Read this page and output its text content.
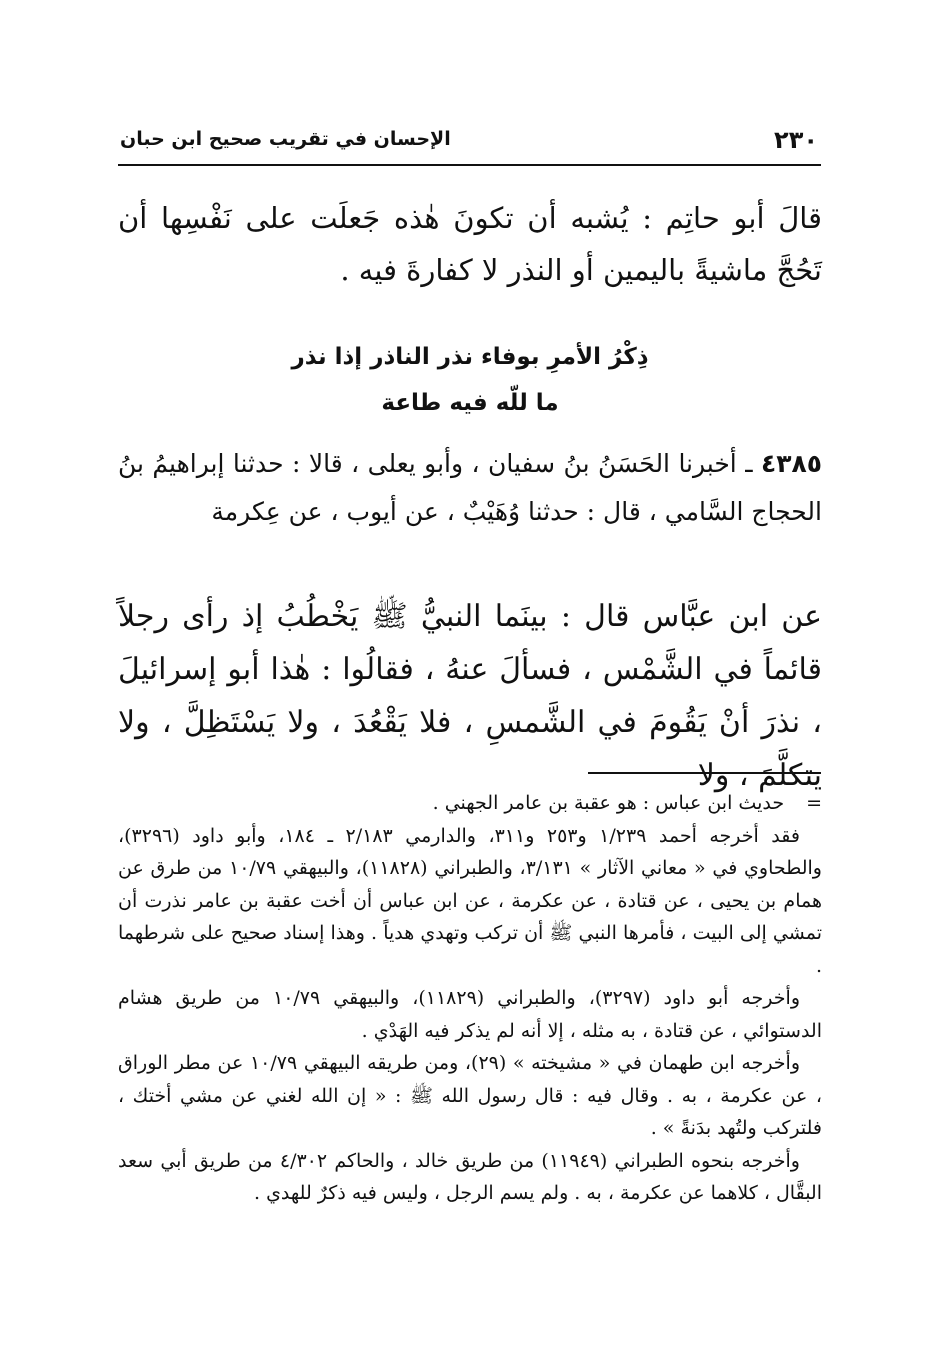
٢٣٠
الإحسان في تقريب صحيح ابن حبان
قالَ أبو حاتِم : يُشبه أن تكونَ هٰذه جَعلَت على نَفْسِها أن تَحُجَّ ماشيةً باليمين أو النذر لا كفارةَ فيه .
ذِكْرُ الأمرِ بوفاء نذر الناذر إذا نذر
ما للّه فيه طاعة
٤٣٨٥ ـ أخبرنا الحَسَنُ بنُ سفيان ، وأبو يعلى ، قالا : حدثنا إبراهيمُ بنُ الحجاج السَّامي ، قال : حدثنا وُهَيْبٌ ، عن أيوب ، عن عِكرمة
عن ابن عبَّاس قال : بينَما النبيُّ ﷺ يَخْطُبُ إذ رأى رجلاً قائماً في الشَّمْس ، فسألَ عنهُ ، فقالُوا : هٰذا أبو إسرائيلَ ، نذرَ أنْ يَقُومَ في الشَّمسِ ، فلا يَقْعُدَ ، ولا يَسْتَظِلَّ ، ولا يتكلَّمَ ، ولا

=حديث ابن عباس : هو عقبة بن عامر الجهني .

فقد أخرجه أحمد ١/٢٣٩ و٢٥٣ و٣١١، والدارمي ٢/١٨٣ ـ ١٨٤، وأبو داود (٣٢٩٦)، والطحاوي في « معاني الآثار » ٣/١٣١، والطبراني (١١٨٢٨)، والبيهقي ١٠/٧٩ من طرق عن همام بن يحيى ، عن قتادة ، عن عكرمة ، عن ابن عباس أن أخت عقبة بن عامر نذرت أن تمشي إلى البيت ، فأمرها النبي ﷺ أن تركب وتهدي هدياً . وهذا إسناد صحيح على شرطهما .

وأخرجه أبو داود (٣٢٩٧)، والطبراني (١١٨٢٩)، والبيهقي ١٠/٧٩ من طريق هشام الدستوائي ، عن قتادة ، به مثله ، إلا أنه لم يذكر فيه الهَدْي .

وأخرجه ابن طهمان في « مشيخته » (٢٩)، ومن طريقه البيهقي ١٠/٧٩ عن مطر الوراق ، عن عكرمة ، به . وقال فيه : قال رسول الله ﷺ : « إن الله لغني عن مشي أختك ، فلتركب ولتُهد بدَنةً » .

وأخرجه بنحوه الطبراني (١١٩٤٩) من طريق خالد ، والحاكم ٤/٣٠٢ من طريق أبي سعد البقَّال ، كلاهما عن عكرمة ، به . ولم يسم الرجل ، وليس فيه ذكرٌ للهدي .
